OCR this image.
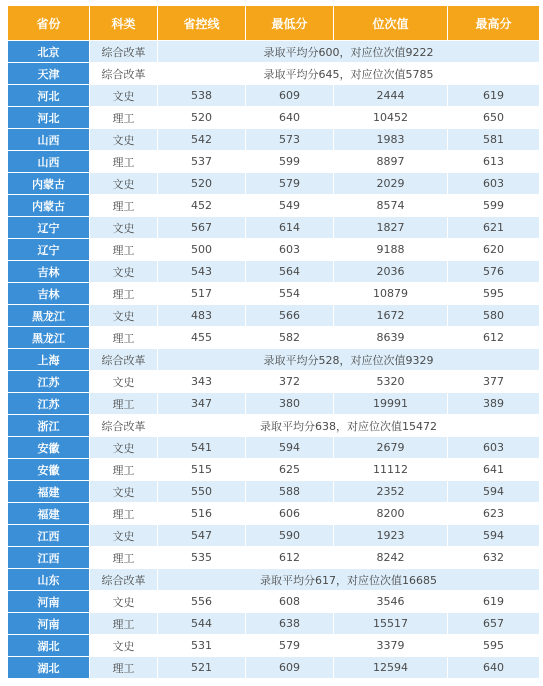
省份	科类	省控线	最低分	位次值	最高分
北京	综合改革	录取平均分600，对应位次值9222			
天津	综合改革	录取平均分645，对应位次值5785			
河北	文史	538	609	2444	619
河北	理工	520	640	10452	650
山西	文史	542	573	1983	581
山西	理工	537	599	8897	613
内蒙古	文史	520	579	2029	603
内蒙古	理工	452	549	8574	599
辽宁	文史	567	614	1827	621
辽宁	理工	500	603	9188	620
吉林	文史	543	564	2036	576
吉林	理工	517	554	10879	595
黑龙江	文史	483	566	1672	580
黑龙江	理工	455	582	8639	612
上海	综合改革	录取平均分528，对应位次值9329			
江苏	文史	343	372	5320	377
江苏	理工	347	380	19991	389
浙江	综合改革	录取平均分638，对应位次值15472			
安徽	文史	541	594	2679	603
安徽	理工	515	625	11112	641
福建	文史	550	588	2352	594
福建	理工	516	606	8200	623
江西	文史	547	590	1923	594
江西	理工	535	612	8242	632
山东	综合改革	录取平均分617，对应位次值16685			
河南	文史	556	608	3546	619
河南	理工	544	638	15517	657
湖北	文史	531	579	3379	595
湖北	理工	521	609	12594	640
